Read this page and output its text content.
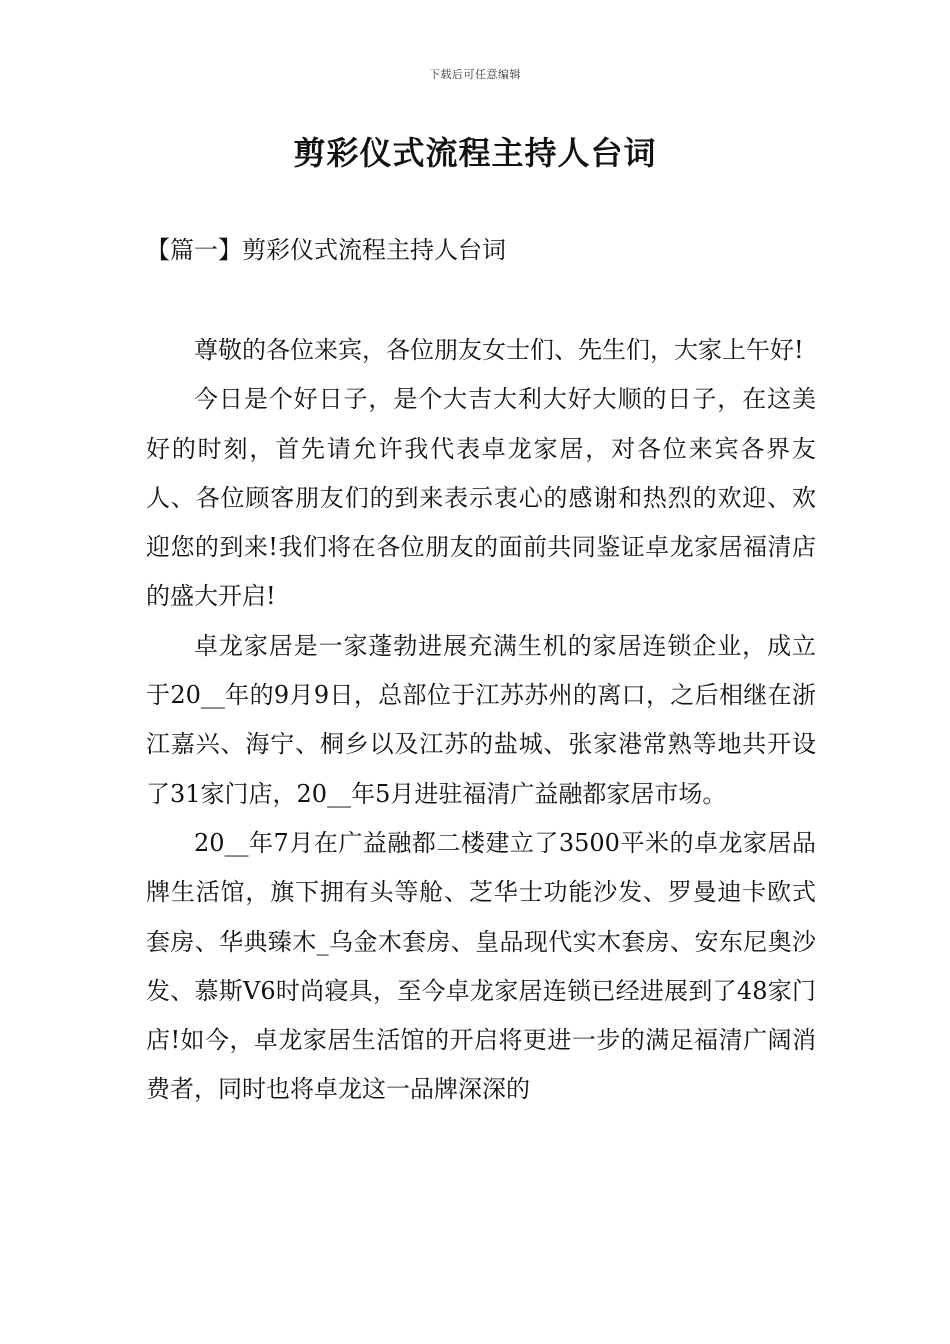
下载后可任意编辑
剪彩仪式流程主持人台词
【篇一】剪彩仪式流程主持人台词

尊敬的各位来宾，各位朋友女士们、先生们，大家上午好!

今日是个好日子，是个大吉大利大好大顺的日子，在这美好的时刻，首先请允许我代表卓龙家居，对各位来宾各界友人、各位顾客朋友们的到来表示衷心的感谢和热烈的欢迎、欢迎您的到来!我们将在各位朋友的面前共同鉴证卓龙家居福清店的盛大开启!

卓龙家居是一家蓬勃进展充满生机的家居连锁企业，成立于20__年的9月9日，总部位于江苏苏州的离口，之后相继在浙江嘉兴、海宁、桐乡以及江苏的盐城、张家港常熟等地共开设了31家门店，20__年5月进驻福清广益融都家居市场。

20__年7月在广益融都二楼建立了3500平米的卓龙家居品牌生活馆，旗下拥有头等舱、芝华士功能沙发、罗曼迪卡欧式套房、华典臻木_乌金木套房、皇品现代实木套房、安东尼奥沙发、慕斯V6时尚寝具，至今卓龙家居连锁已经进展到了48家门店!如今，卓龙家居生活馆的开启将更进一步的满足福清广阔消费者，同时也将卓龙这一品牌深深的
